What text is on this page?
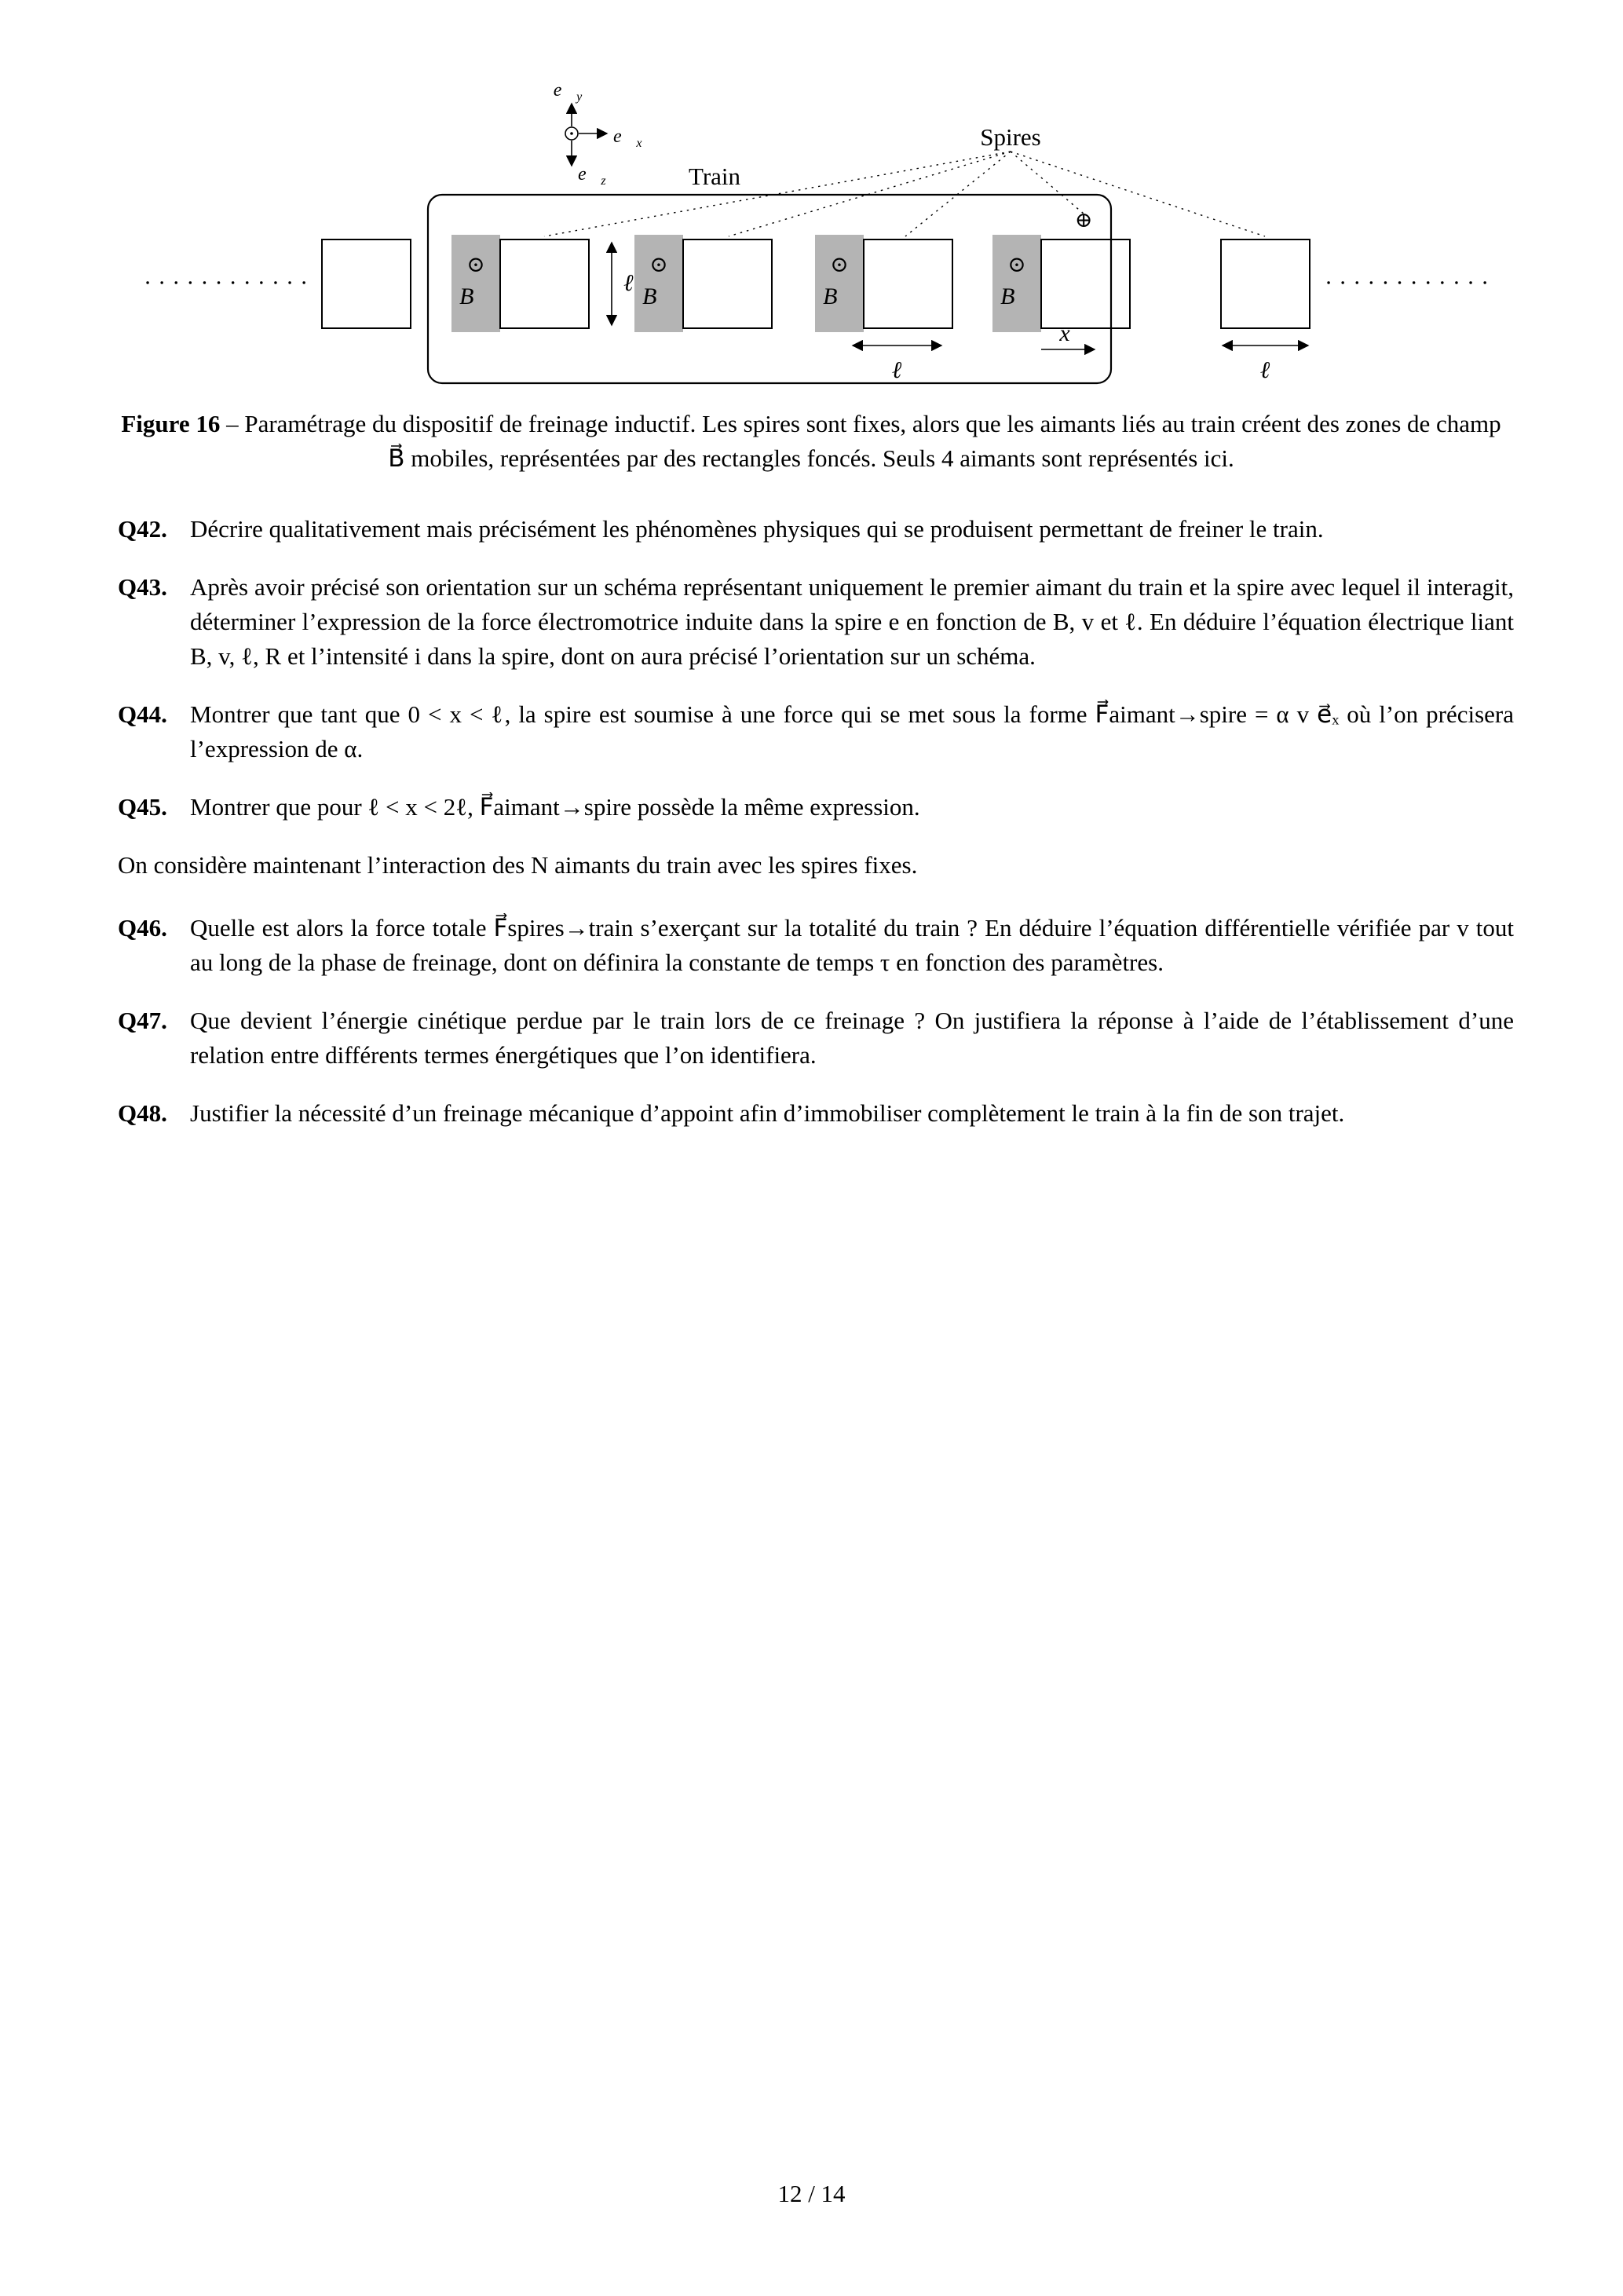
$e⃗_y$
$e⃗_x$
$e⃗_z$	Train
Spires
⊙
B⃗
ℓ
⊙
B⃗
⊙
B⃗
ℓ
⊙
B⃗
⊕
x
ℓ
Figure 16 – Paramétrage du dispositif de freinage inductif. Les spires sont fixes, alors que les aimants liés au train créent des zones de champ B⃗ mobiles, représentées par des rectangles foncés. Seuls 4 aimants sont représentés ici.
Q42. Décrire qualitativement mais précisément les phénomènes physiques qui se produisent permettant de freiner le train.
Q43. Après avoir précisé son orientation sur un schéma représentant uniquement le premier aimant du train et la spire avec lequel il interagit, déterminer l’expression de la force électromotrice induite dans la spire e en fonction de B, v et ℓ. En déduire l’équation électrique liant B, v, ℓ, R et l’intensité i dans la spire, dont on aura précisé l’orientation sur un schéma.
Q44. Montrer que tant que 0 < x < ℓ, la spire est soumise à une force qui se met sous la forme F⃗aimant→spire = α v e⃗ₓ où l’on précisera l’expression de α.
Q45. Montrer que pour ℓ < x < 2ℓ, F⃗aimant→spire possède la même expression.

On considère maintenant l’interaction des N aimants du train avec les spires fixes.

Q46. Quelle est alors la force totale F⃗spires→train s’exerçant sur la totalité du train ? En déduire l’équation différentielle vérifiée par v tout au long de la phase de freinage, dont on définira la constante de temps τ en fonction des paramètres.
Q47. Que devient l’énergie cinétique perdue par le train lors de ce freinage ? On justifiera la réponse à l’aide de l’établissement d’une relation entre différents termes énergétiques que l’on identifiera.
Q48. Justifier la nécessité d’un freinage mécanique d’appoint afin d’immobiliser complètement le train à la fin de son trajet.
12 / 14
